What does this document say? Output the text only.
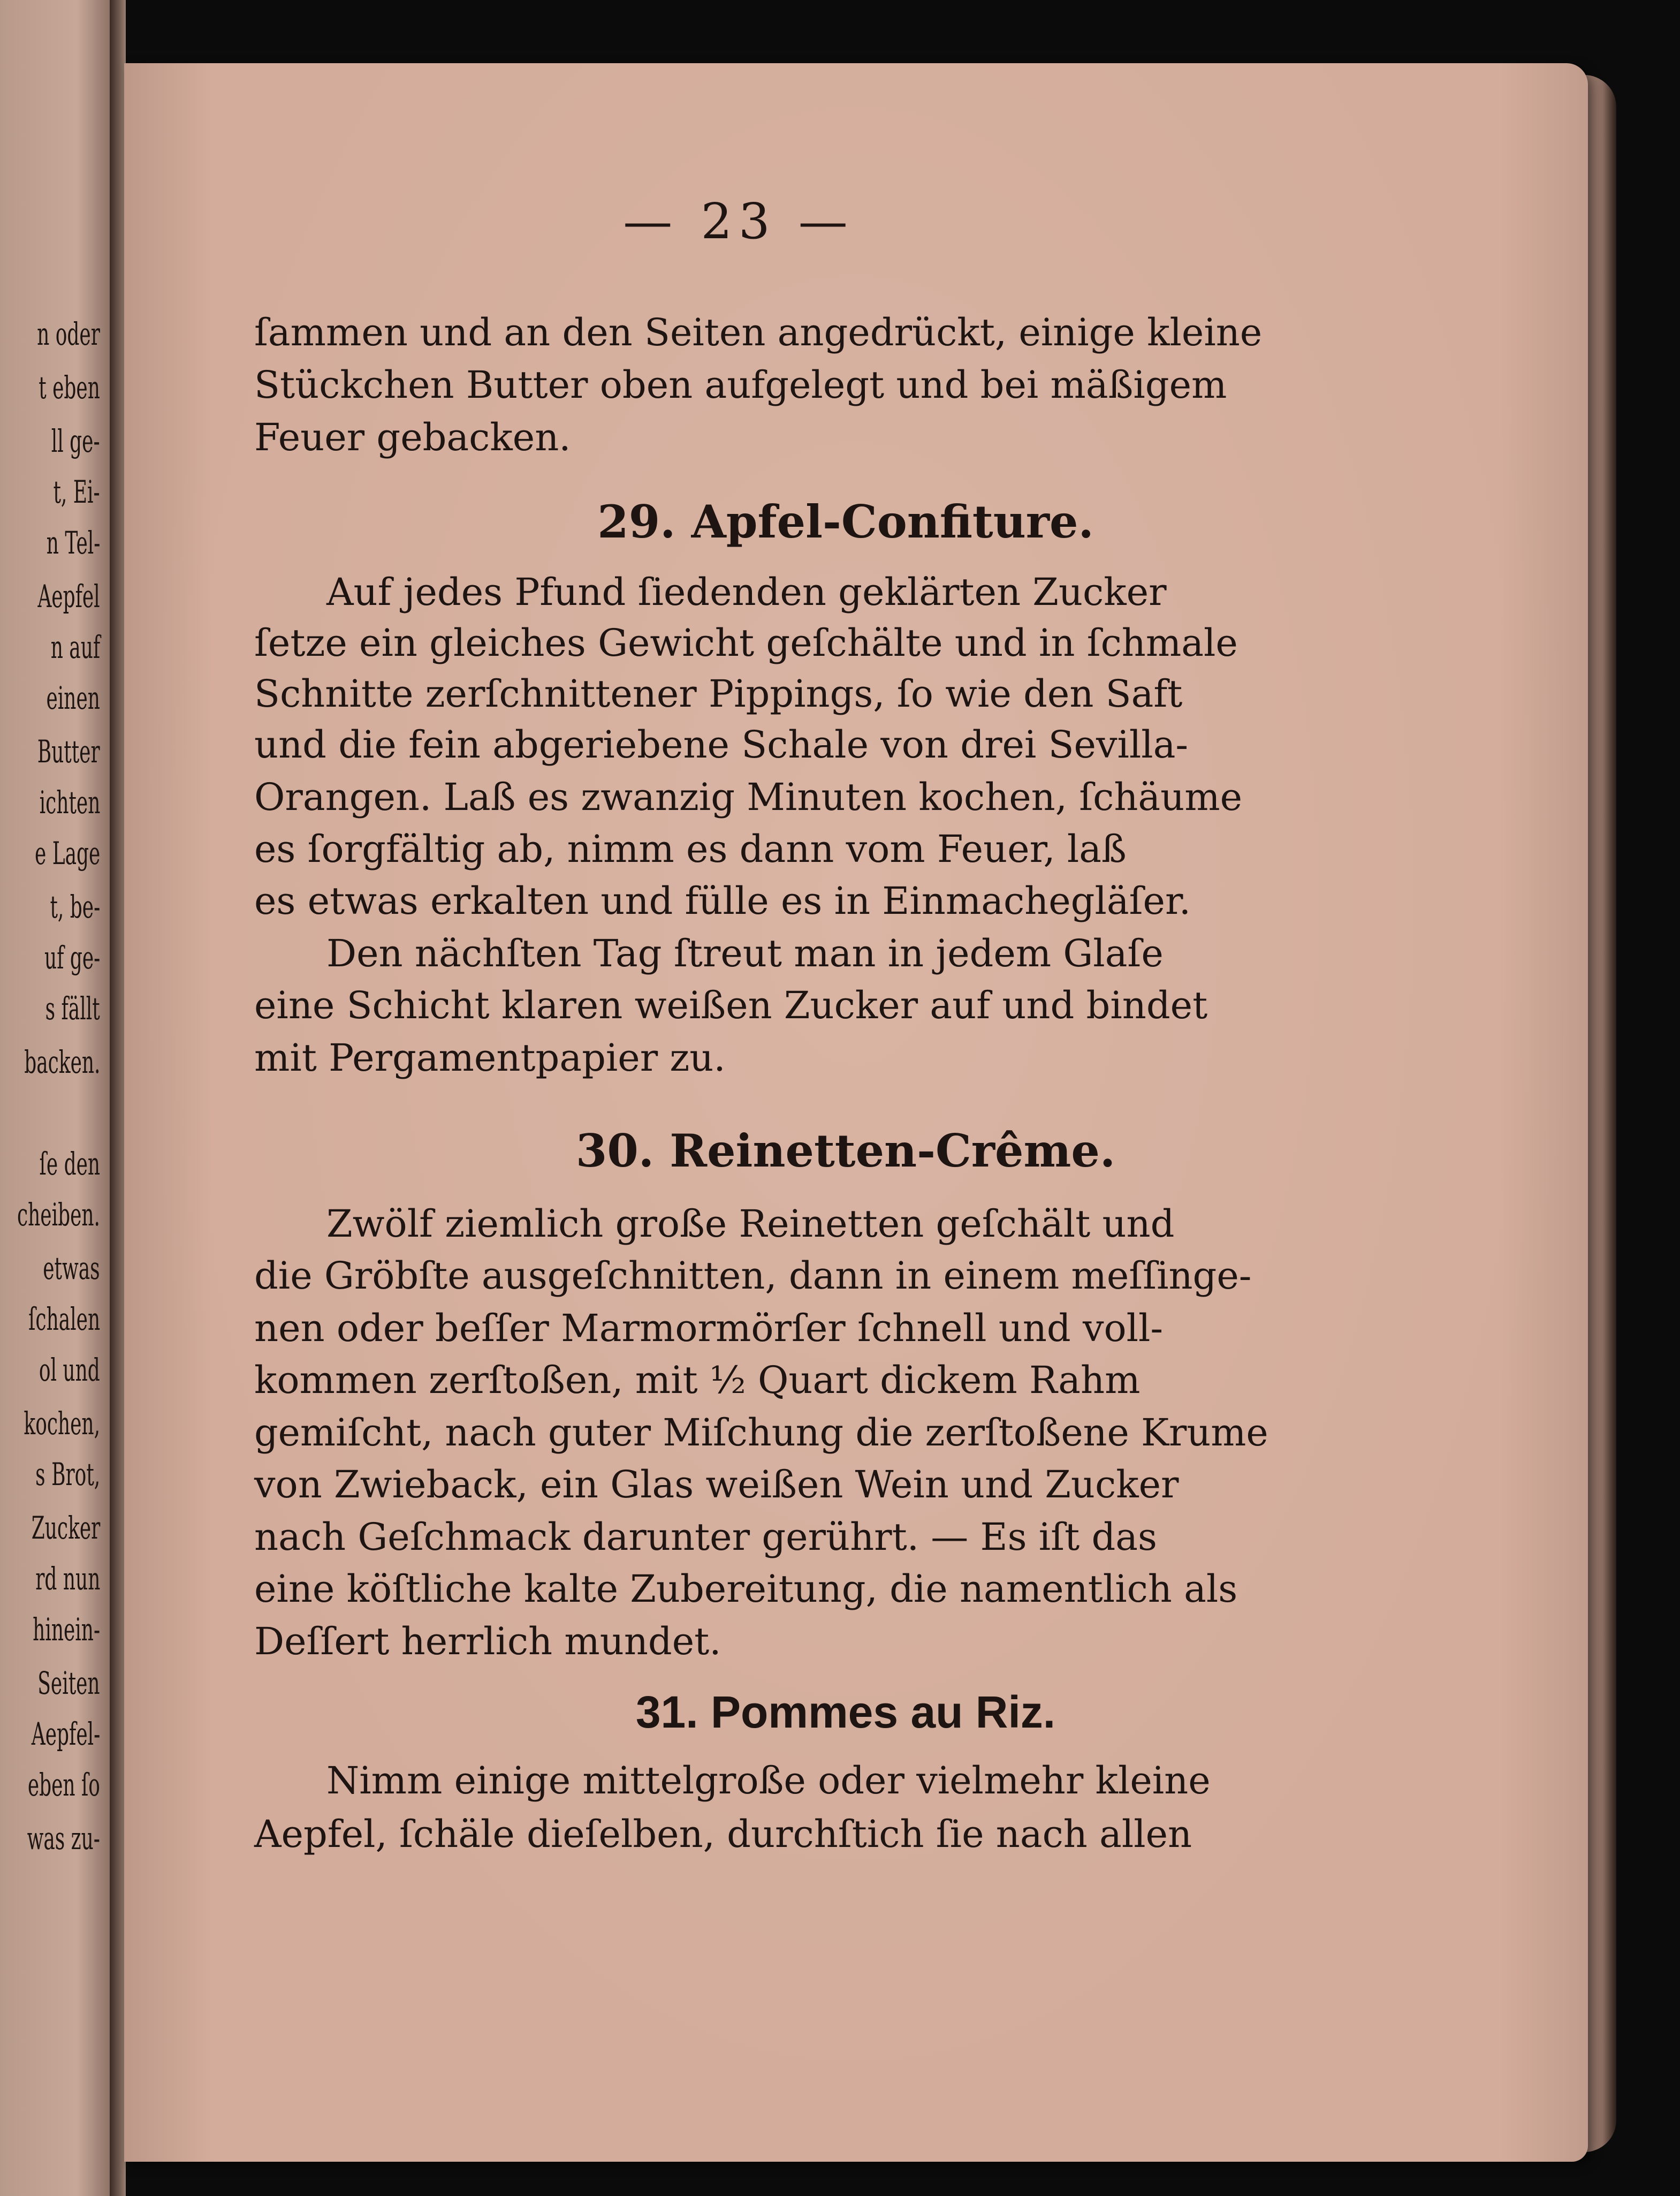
n oder
t eben
ll ge-
t, Ei-
n Tel-
Aepfel
n auf
einen
Butter
ichten
e Lage
t, be-
uf ge-
s fällt
backen.
ſe den
cheiben.
etwas
ſchalen
ol und
kochen,
s Brot,
Zucker
rd nun
hinein-
Seiten
Aepfel-
eben ſo
was zu-
— 23 —
ſammen und an den Seiten angedrückt, einige kleine
Stückchen Butter oben aufgelegt und bei mäßigem
Feuer gebacken.
29. Apfel-Confiture.
Auf jedes Pfund ſiedenden geklärten Zucker
ſetze ein gleiches Gewicht geſchälte und in ſchmale
Schnitte zerſchnittener Pippings, ſo wie den Saft
und die fein abgeriebene Schale von drei Sevilla-
Orangen. Laß es zwanzig Minuten kochen, ſchäume
es ſorgfältig ab, nimm es dann vom Feuer, laß
es etwas erkalten und fülle es in Einmachegläſer.
Den nächſten Tag ſtreut man in jedem Glaſe
eine Schicht klaren weißen Zucker auf und bindet
mit Pergamentpapier zu.
30. Reinetten-Crême.
Zwölf ziemlich große Reinetten geſchält und
die Gröbſte ausgeſchnitten, dann in einem meſſinge-
nen oder beſſer Marmormörſer ſchnell und voll-
kommen zerſtoßen, mit ½ Quart dickem Rahm
gemiſcht, nach guter Miſchung die zerſtoßene Krume
von Zwieback, ein Glas weißen Wein und Zucker
nach Geſchmack darunter gerührt. — Es iſt das
eine köſtliche kalte Zubereitung, die namentlich als
Deſſert herrlich mundet.
31. Pommes au Riz.
Nimm einige mittelgroße oder vielmehr kleine
Aepfel, ſchäle dieſelben, durchſtich ſie nach allen
